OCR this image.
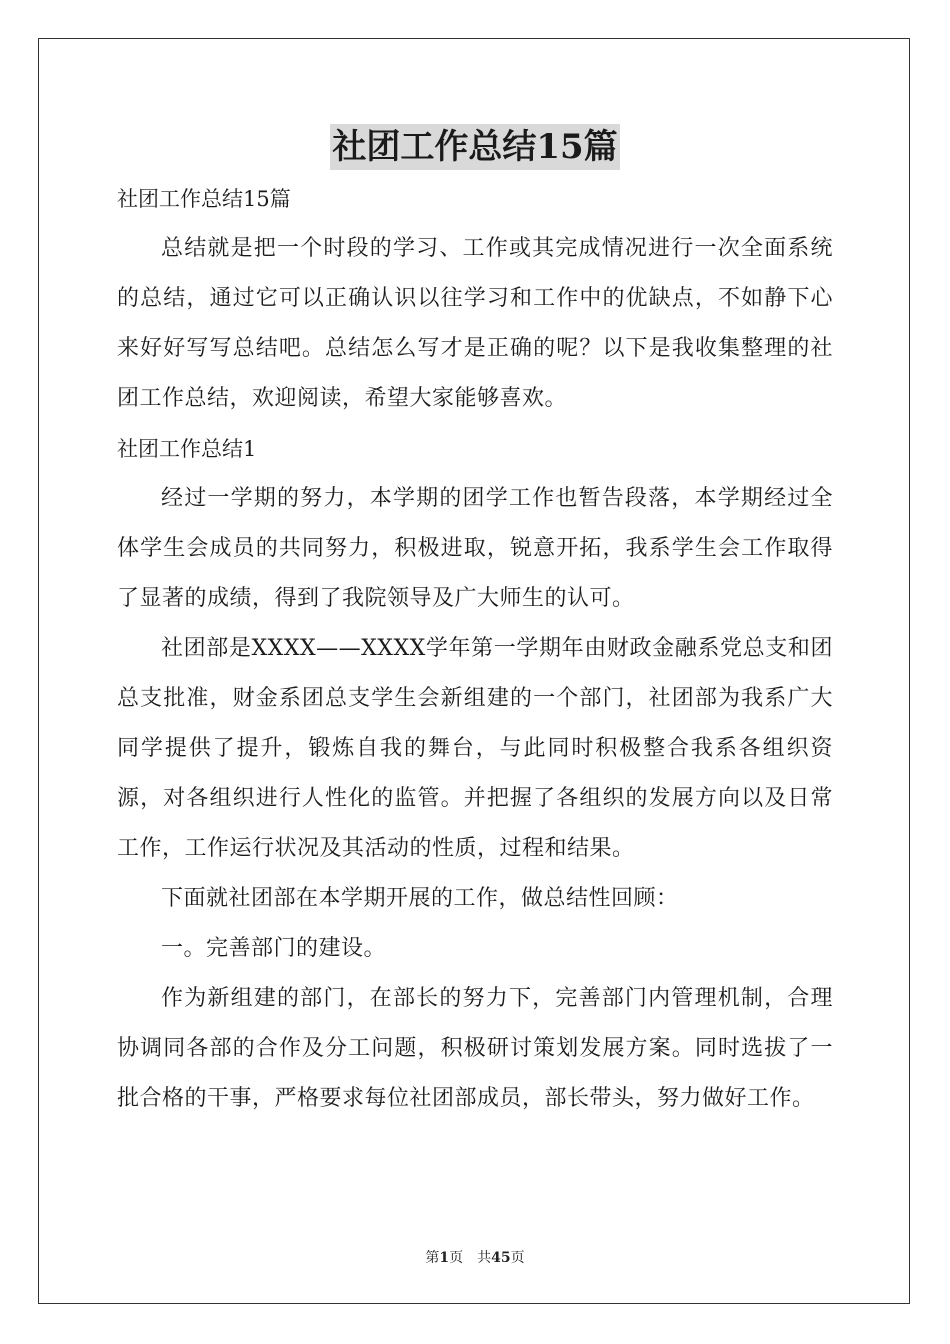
社团工作总结15篇

社团工作总结15篇

总结就是把一个时段的学习、工作或其完成情况进行一次全面系统的总结，通过它可以正确认识以往学习和工作中的优缺点，不如静下心来好好写写总结吧。总结怎么写才是正确的呢？以下是我收集整理的社团工作总结，欢迎阅读，希望大家能够喜欢。

社团工作总结1

经过一学期的努力，本学期的团学工作也暂告段落，本学期经过全体学生会成员的共同努力，积极进取，锐意开拓，我系学生会工作取得了显著的成绩，得到了我院领导及广大师生的认可。

社团部是XXXX——XXXX学年第一学期年由财政金融系党总支和团总支批准，财金系团总支学生会新组建的一个部门，社团部为我系广大同学提供了提升，锻炼自我的舞台，与此同时积极整合我系各组织资源，对各组织进行人性化的监管。并把握了各组织的发展方向以及日常工作，工作运行状况及其活动的性质，过程和结果。

下面就社团部在本学期开展的工作，做总结性回顾：

一。完善部门的建设。

作为新组建的部门，在部长的努力下，完善部门内管理机制，合理协调同各部的合作及分工问题，积极研讨策划发展方案。同时选拔了一批合格的干事，严格要求每位社团部成员，部长带头，努力做好工作。

第1页　共45页
